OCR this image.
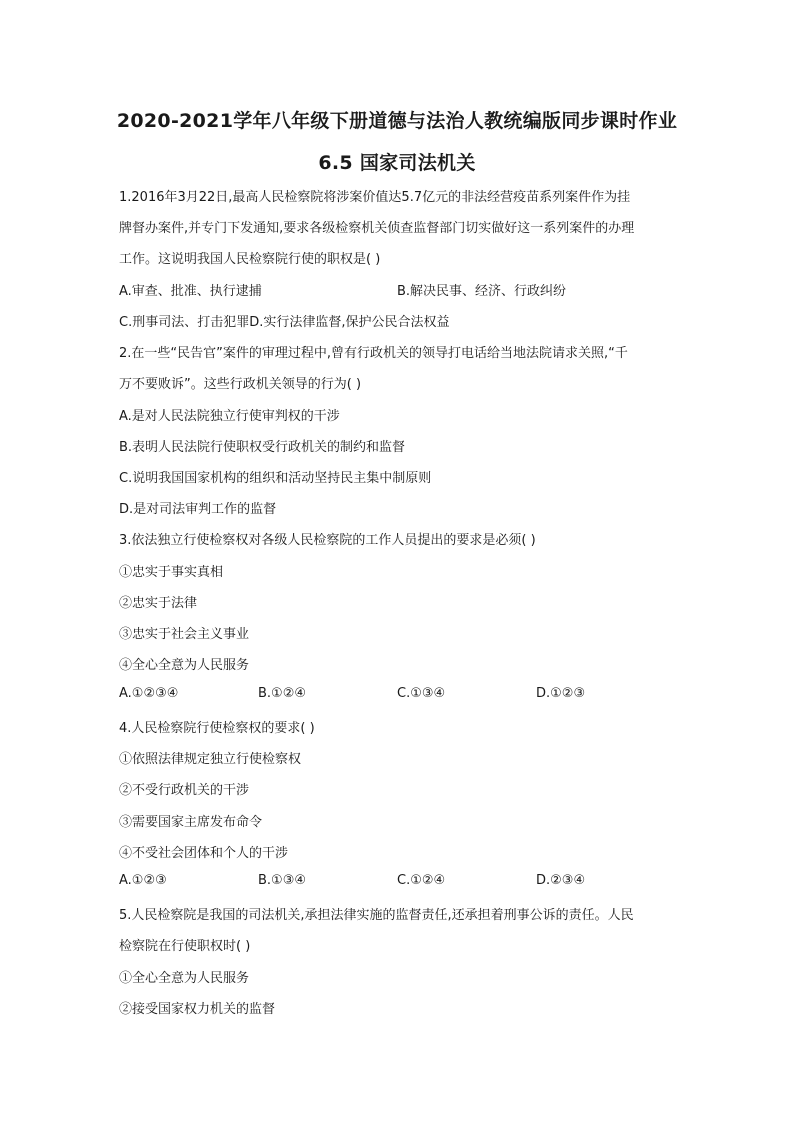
2020-2021学年八年级下册道德与法治人教统编版同步课时作业
6.5 国家司法机关
1.2016年3月22日,最高人民检察院将涉案价值达5.7亿元的非法经营疫苗系列案件作为挂
牌督办案件,并专门下发通知,要求各级检察机关侦查监督部门切实做好这一系列案件的办理
工作。这说明我国人民检察院行使的职权是( )
A.审查、批准、执行逮捕	B.解决民事、经济、行政纠纷
C.刑事司法、打击犯罪D.实行法律监督,保护公民合法权益
2.在一些“民告官”案件的审理过程中,曾有行政机关的领导打电话给当地法院请求关照,“千
万不要败诉”。这些行政机关领导的行为( )
A.是对人民法院独立行使审判权的干涉
B.表明人民法院行使职权受行政机关的制约和监督
C.说明我国国家机构的组织和活动坚持民主集中制原则
D.是对司法审判工作的监督
3.依法独立行使检察权对各级人民检察院的工作人员提出的要求是必须( )
①忠实于事实真相
②忠实于法律
③忠实于社会主义事业
④全心全意为人民服务
A.①②③④	B.①②④	C.①③④	D.①②③
4.人民检察院行使检察权的要求( )
①依照法律规定独立行使检察权
②不受行政机关的干涉
③需要国家主席发布命令
④不受社会团体和个人的干涉
A.①②③	B.①③④	C.①②④	D.②③④
5.人民检察院是我国的司法机关,承担法律实施的监督责任,还承担着刑事公诉的责任。人民
检察院在行使职权时( )
①全心全意为人民服务
②接受国家权力机关的监督
